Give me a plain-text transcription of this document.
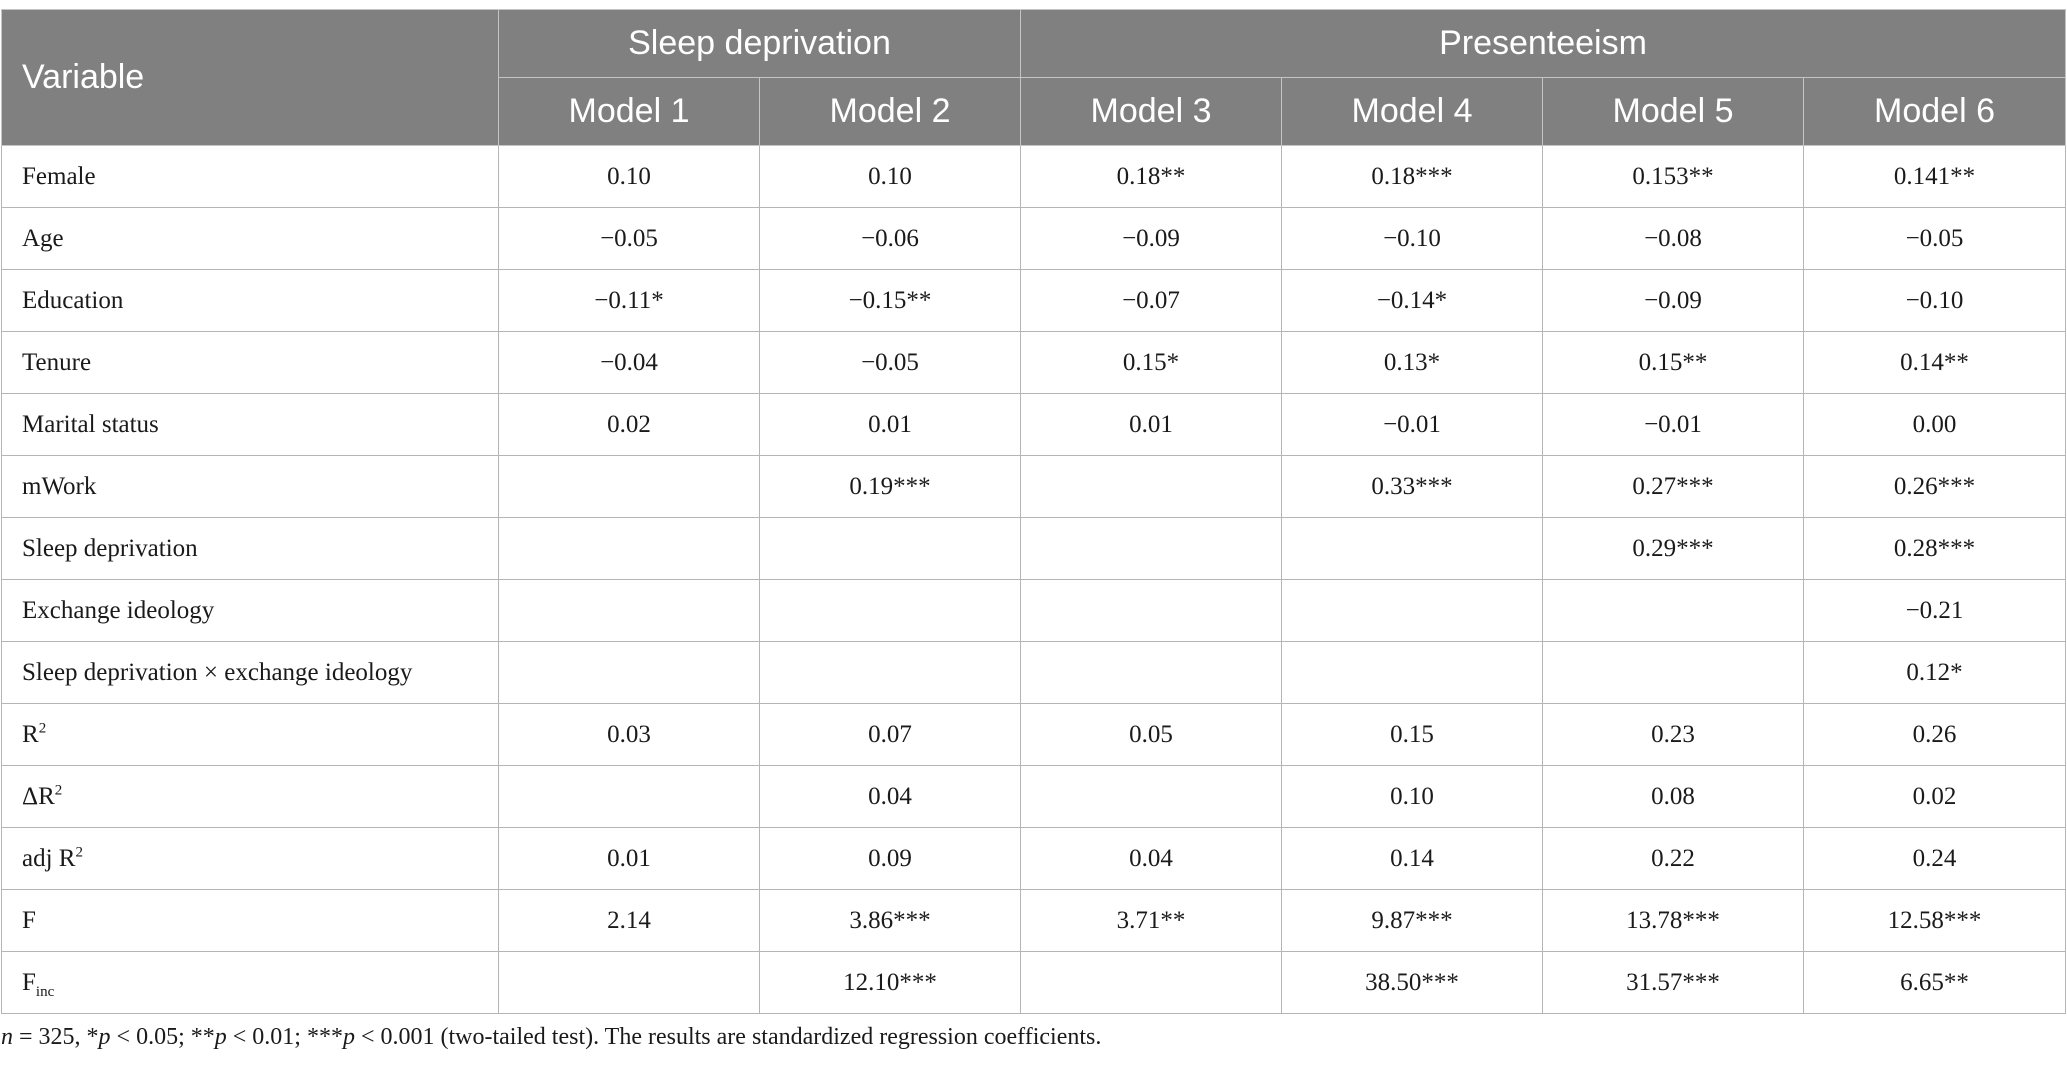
Variable	Sleep deprivation		Presenteeism			
	Model 1	Model 2	Model 3	Model 4	Model 5	Model 6
Female	0.10	0.10	0.18**	0.18***	0.153**	0.141**
Age	−0.05	−0.06	−0.09	−0.10	−0.08	−0.05
Education	−0.11*	−0.15**	−0.07	−0.14*	−0.09	−0.10
Tenure	−0.04	−0.05	0.15*	0.13*	0.15**	0.14**
Marital status	0.02	0.01	0.01	−0.01	−0.01	0.00
mWork		0.19***		0.33***	0.27***	0.26***
Sleep deprivation					0.29***	0.28***
Exchange ideology						−0.21
Sleep deprivation × exchange ideology						0.12*
$R^2$	0.03	0.07	0.05	0.15	0.23	0.26
$\Delta R^2$		0.04		0.10	0.08	0.02
adj $R^2$	0.01	0.09	0.04	0.14	0.22	0.24
F	2.14	3.86***	3.71**	9.87***	13.78***	12.58***
$F_{inc}$		12.10***		38.50***	31.57***	6.65**
n = 325, *p < 0.05; **p < 0.01; ***p < 0.001 (two-tailed test). The results are standardized regression coefficients.
